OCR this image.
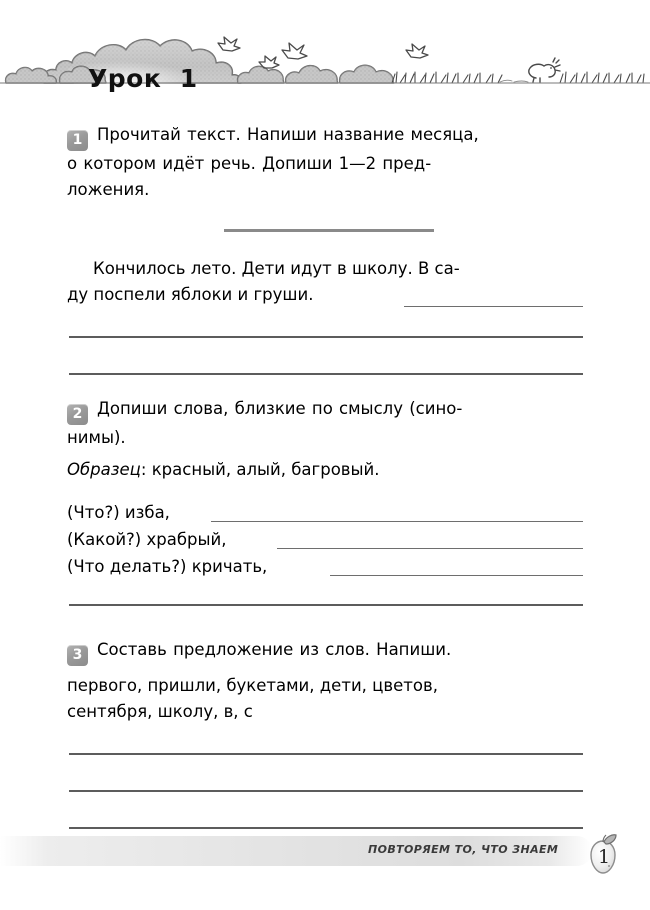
Урок  1
1 Прочитай текст. Напиши название месяца,
о котором идёт речь. Допиши 1—2 пред-
ложения.
Кончилось лето. Дети идут в школу. В са-
ду поспели яблоки и груши.
2 Допиши слова, близкие по смыслу (сино-
нимы).
Образец: красный, алый, багровый.
(Что?) изба,
(Какой?) храбрый,
(Что делать?) кричать,
3 Составь предложение из слов. Напиши.
первого, пришли, букетами, дети, цветов,
сентября, школу, в, с
ПОВТОРЯЕМ ТО, ЧТО ЗНАЕМ	1
